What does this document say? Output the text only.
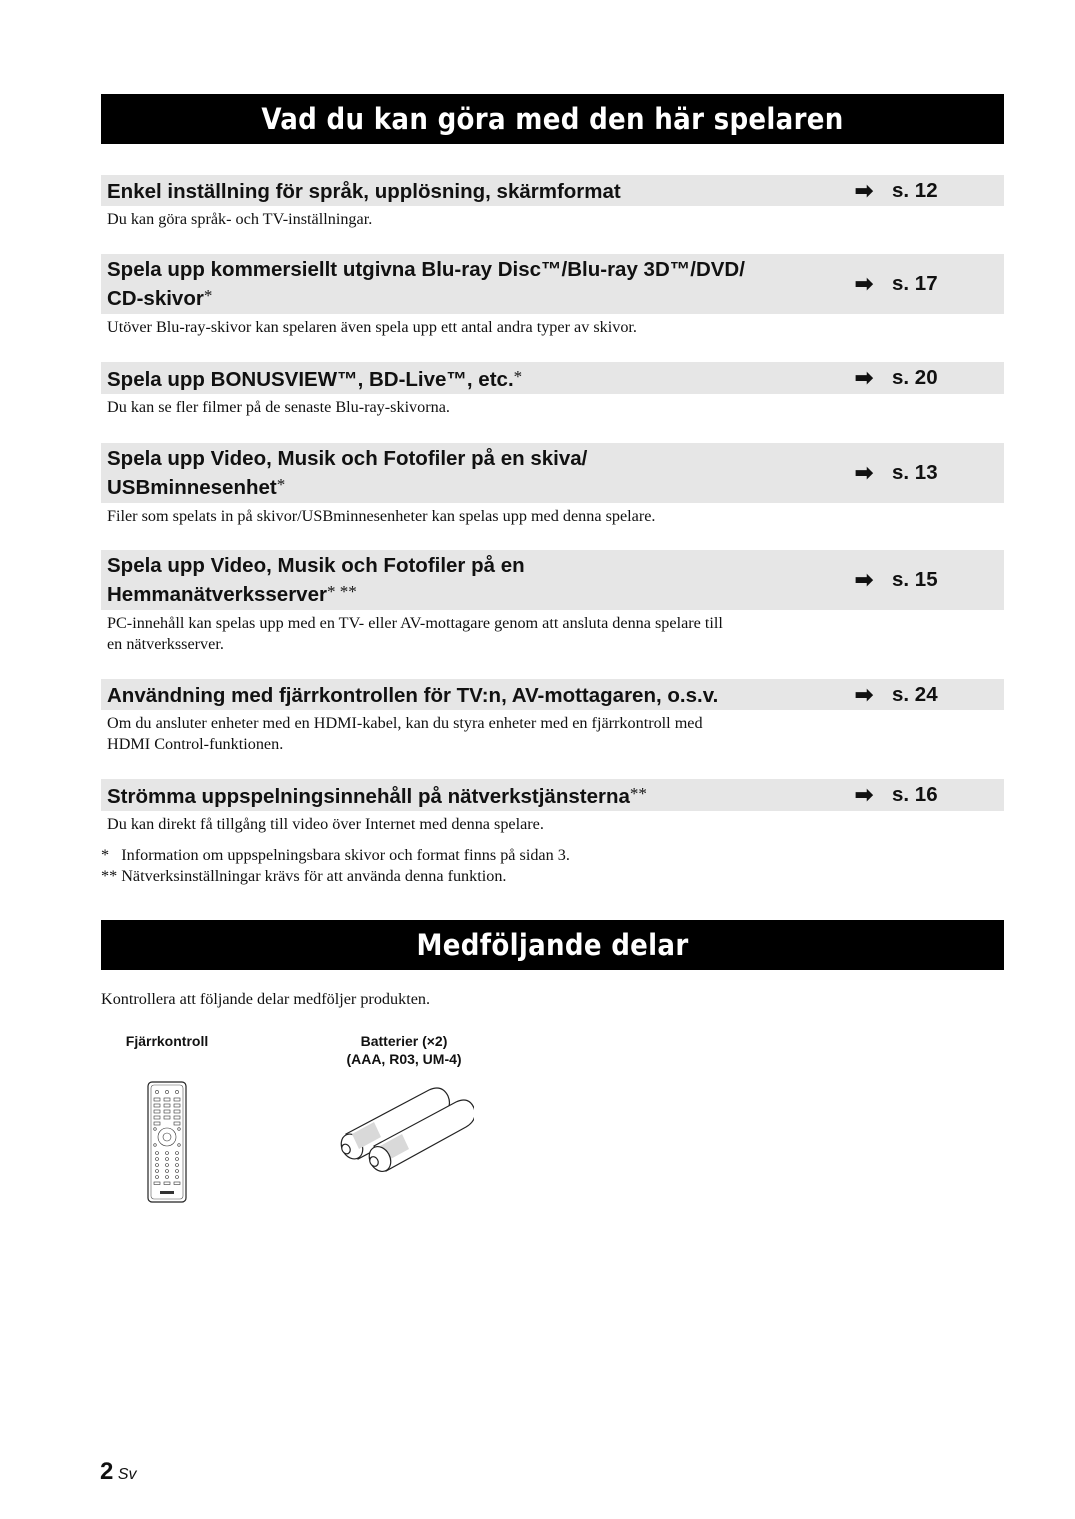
Vad du kan göra med den här spelaren
Enkel inställning för språk, upplösning, skärmformat	➡ s. 12
Du kan göra språk- och TV-inställningar.
Spela upp kommersiellt utgivna Blu-ray Disc™/Blu-ray 3D™/DVD/
CD-skivor*	➡ s. 17
Utöver Blu-ray-skivor kan spelaren även spela upp ett antal andra typer av skivor.
Spela upp BONUSVIEW™, BD-Live™, etc.*	➡ s. 20
Du kan se fler filmer på de senaste Blu-ray-skivorna.
Spela upp Video, Musik och Fotofiler på en skiva/
USBminnesenhet*	➡ s. 13
Filer som spelats in på skivor/USBminnesenheter kan spelas upp med denna spelare.
Spela upp Video, Musik och Fotofiler på en
Hemmanätverksserver* **	➡ s. 15
PC-innehåll kan spelas upp med en TV- eller AV-mottagare genom att ansluta denna spelare till
en nätverksserver.
Användning med fjärrkontrollen för TV:n, AV-mottagaren, o.s.v.	➡ s. 24
Om du ansluter enheter med en HDMI-kabel, kan du styra enheter med en fjärrkontroll med
HDMI Control-funktionen.
Strömma uppspelningsinnehåll på nätverkstjänsterna**	➡ s. 16
Du kan direkt få tillgång till video över Internet med denna spelare.
*   Information om uppspelningsbara skivor och format finns på sidan 3.
** Nätverksinställningar krävs för att använda denna funktion.
Medföljande delar
Kontrollera att följande delar medföljer produkten.
Fjärrkontroll	Batterier (×2)
(AAA, R03, UM-4)
2 Sv
